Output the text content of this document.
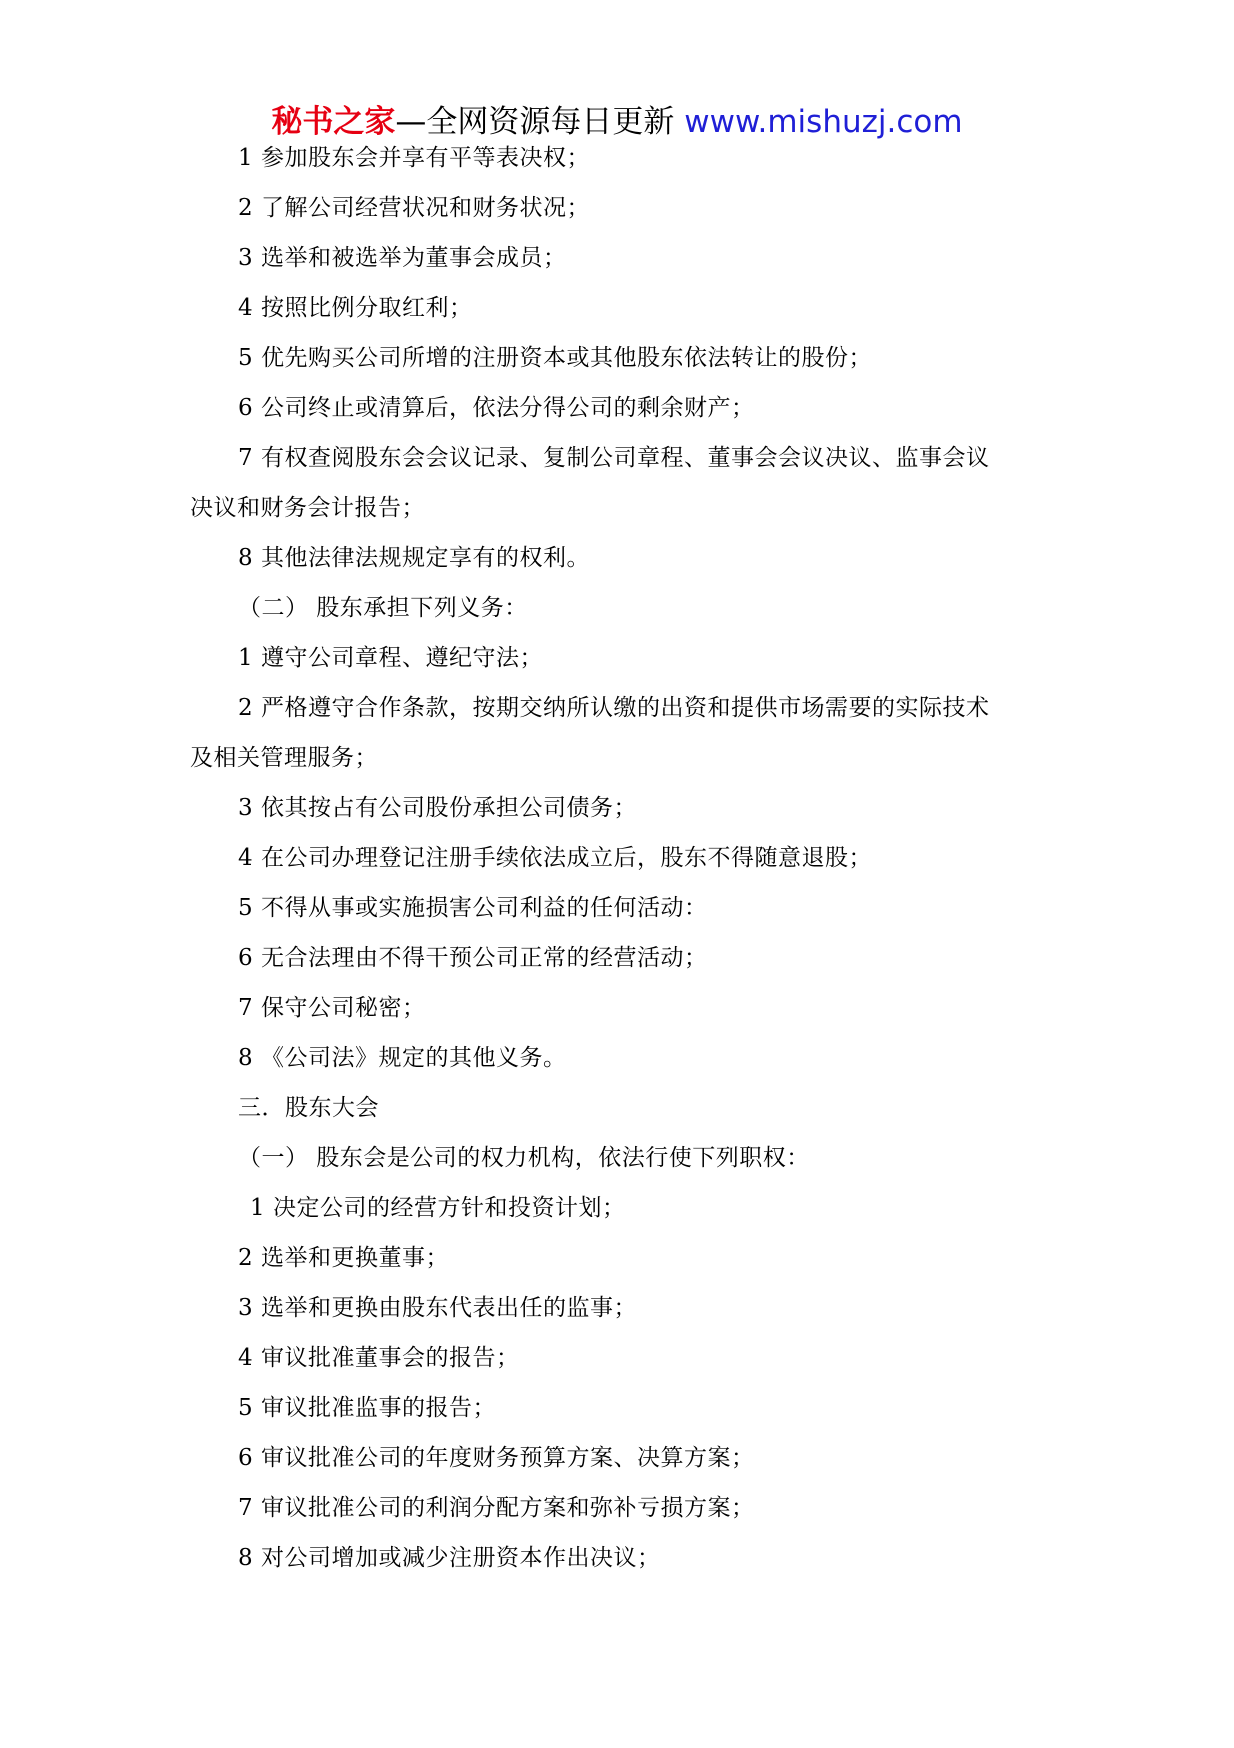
秘书之家—全网资源每日更新 www.mishuzj.com
1 参加股东会并享有平等表决权；
2 了解公司经营状况和财务状况；
3 选举和被选举为董事会成员；
4 按照比例分取红利；
5 优先购买公司所增的注册资本或其他股东依法转让的股份；
6 公司终止或清算后，依法分得公司的剩余财产；
7 有权查阅股东会会议记录、复制公司章程、董事会会议决议、监事会议
决议和财务会计报告；
8 其他法律法规规定享有的权利。
（二） 股东承担下列义务：
1 遵守公司章程、遵纪守法；
2 严格遵守合作条款，按期交纳所认缴的出资和提供市场需要的实际技术
及相关管理服务；
3 依其按占有公司股份承担公司债务；
4 在公司办理登记注册手续依法成立后，股东不得随意退股；
5 不得从事或实施损害公司利益的任何活动：
6 无合法理由不得干预公司正常的经营活动；
7 保守公司秘密；
8 《公司法》规定的其他义务。
三．股东大会
（一） 股东会是公司的权力机构，依法行使下列职权：
1 决定公司的经营方针和投资计划；
2 选举和更换董事；
3 选举和更换由股东代表出任的监事；
4 审议批准董事会的报告；
5 审议批准监事的报告；
6 审议批准公司的年度财务预算方案、决算方案；
7 审议批准公司的利润分配方案和弥补亏损方案；
8 对公司增加或减少注册资本作出决议；
